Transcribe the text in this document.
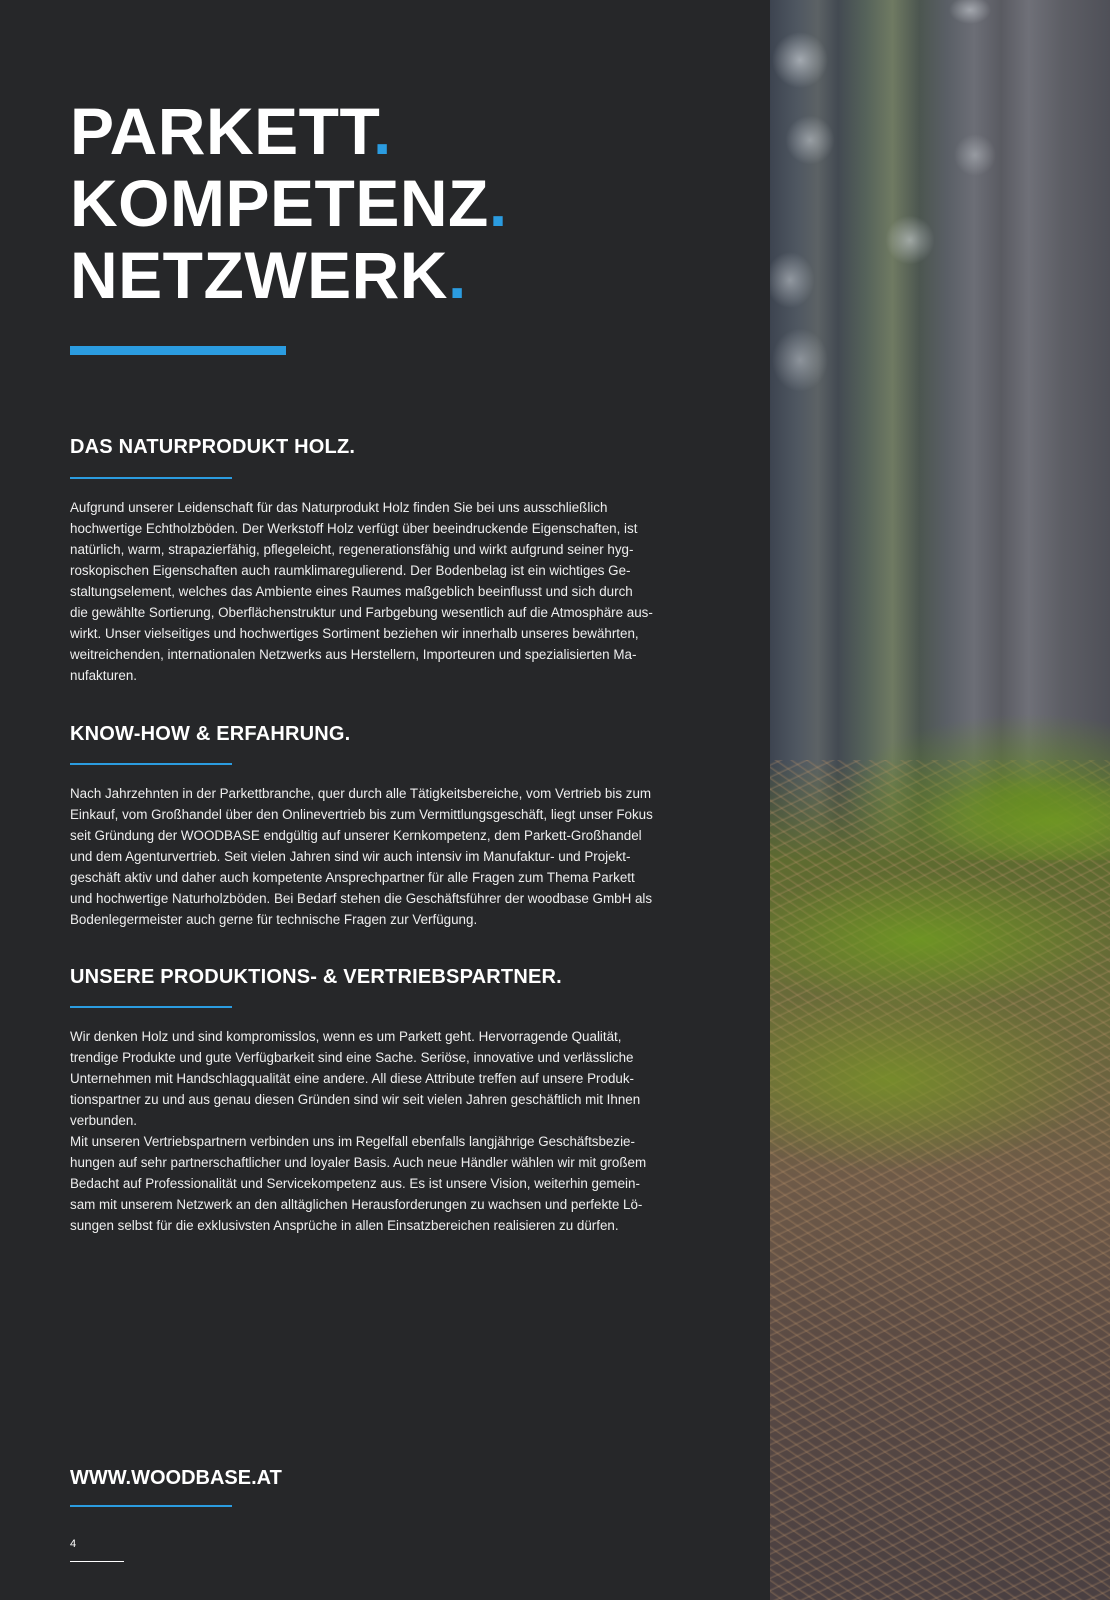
PARKETT.
KOMPETENZ.
NETZWERK.
DAS NATURPRODUKT HOLZ.

Aufgrund unserer Leidenschaft für das Naturprodukt Holz finden Sie bei uns ausschließlich
hochwertige Echtholzböden. Der Werkstoff Holz verfügt über beeindruckende Eigenschaften, ist
natürlich, warm, strapazierfähig, pflegeleicht, regenerationsfähig und wirkt aufgrund seiner hyg-
roskopischen Eigenschaften auch raumklimaregulierend. Der Bodenbelag ist ein wichtiges Ge-
staltungselement, welches das Ambiente eines Raumes maßgeblich beeinflusst und sich durch
die gewählte Sortierung, Oberflächenstruktur und Farbgebung wesentlich auf die Atmosphäre aus-
wirkt. Unser vielseitiges und hochwertiges Sortiment beziehen wir innerhalb unseres bewährten,
weitreichenden, internationalen Netzwerks aus Herstellern, Importeuren und spezialisierten Ma-
nufakturen.

KNOW-HOW & ERFAHRUNG.

Nach Jahrzehnten in der Parkettbranche, quer durch alle Tätigkeitsbereiche, vom Vertrieb bis zum
Einkauf, vom Großhandel über den Onlinevertrieb bis zum Vermittlungsgeschäft, liegt unser Fokus
seit Gründung der WOODBASE endgültig auf unserer Kernkompetenz, dem Parkett-Großhandel
und dem Agenturvertrieb. Seit vielen Jahren sind wir auch intensiv im Manufaktur- und Projekt-
geschäft aktiv und daher auch kompetente Ansprechpartner für alle Fragen zum Thema Parkett
und hochwertige Naturholzböden. Bei Bedarf stehen die Geschäftsführer der woodbase GmbH als
Bodenlegermeister auch gerne für technische Fragen zur Verfügung.

UNSERE PRODUKTIONS- & VERTRIEBSPARTNER.

Wir denken Holz und sind kompromisslos, wenn es um Parkett geht. Hervorragende Qualität,
trendige Produkte und gute Verfügbarkeit sind eine Sache. Seriöse, innovative und verlässliche
Unternehmen mit Handschlagqualität eine andere. All diese Attribute treffen auf unsere Produk-
tionspartner zu und aus genau diesen Gründen sind wir seit vielen Jahren geschäftlich mit Ihnen
verbunden.
Mit unseren Vertriebspartnern verbinden uns im Regelfall ebenfalls langjährige Geschäftsbezie-
hungen auf sehr partnerschaftlicher und loyaler Basis. Auch neue Händler wählen wir mit großem
Bedacht auf Professionalität und Servicekompetenz aus. Es ist unsere Vision, weiterhin gemein-
sam mit unserem Netzwerk an den alltäglichen Herausforderungen zu wachsen und perfekte Lö-
sungen selbst für die exklusivsten Ansprüche in allen Einsatzbereichen realisieren zu dürfen.

WWW.WOODBASE.AT
4
